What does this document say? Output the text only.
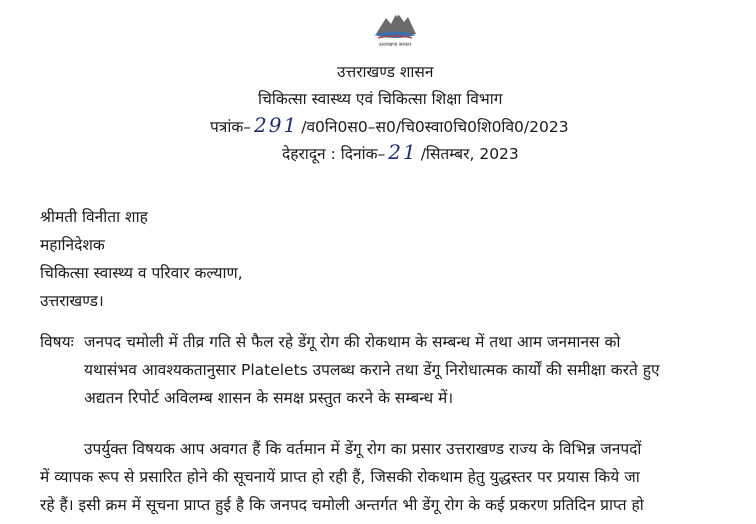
उत्तराखण्ड सरकार
उत्तराखण्ड शासन
चिकित्सा स्वास्थ्य एवं चिकित्सा शिक्षा विभाग
पत्रांक– 291 /व0नि0स0–स0/चि0स्वा0चि0शि0वि0/2023
देहरादून : दिनांक– 21 /सितम्बर, 2023
श्रीमती विनीता शाह
महानिदेशक
चिकित्सा स्वास्थ्य व परिवार कल्याण,
उत्तराखण्ड।
विषयः जनपद चमोली में तीव्र गति से फैल रहे डेंगू रोग की रोकथाम के सम्बन्ध में तथा आम जनमानस को
यथासंभव आवश्यकतानुसार Platelets उपलब्ध कराने तथा डेंगू निरोधात्मक कार्यों की समीक्षा करते हुए
अद्यतन रिपोर्ट अविलम्ब शासन के समक्ष प्रस्तुत करने के सम्बन्ध में।
उपर्युक्त विषयक आप अवगत हैं कि वर्तमान में डेंगू रोग का प्रसार उत्तराखण्ड राज्य के विभिन्न जनपदों
में व्यापक रूप से प्रसारित होने की सूचनायें प्राप्त हो रही हैं, जिसकी रोकथाम हेतु युद्धस्तर पर प्रयास किये जा
रहे हैं। इसी क्रम में सूचना प्राप्त हुई है कि जनपद चमोली अन्तर्गत भी डेंगू रोग के कई प्रकरण प्रतिदिन प्राप्त हो
